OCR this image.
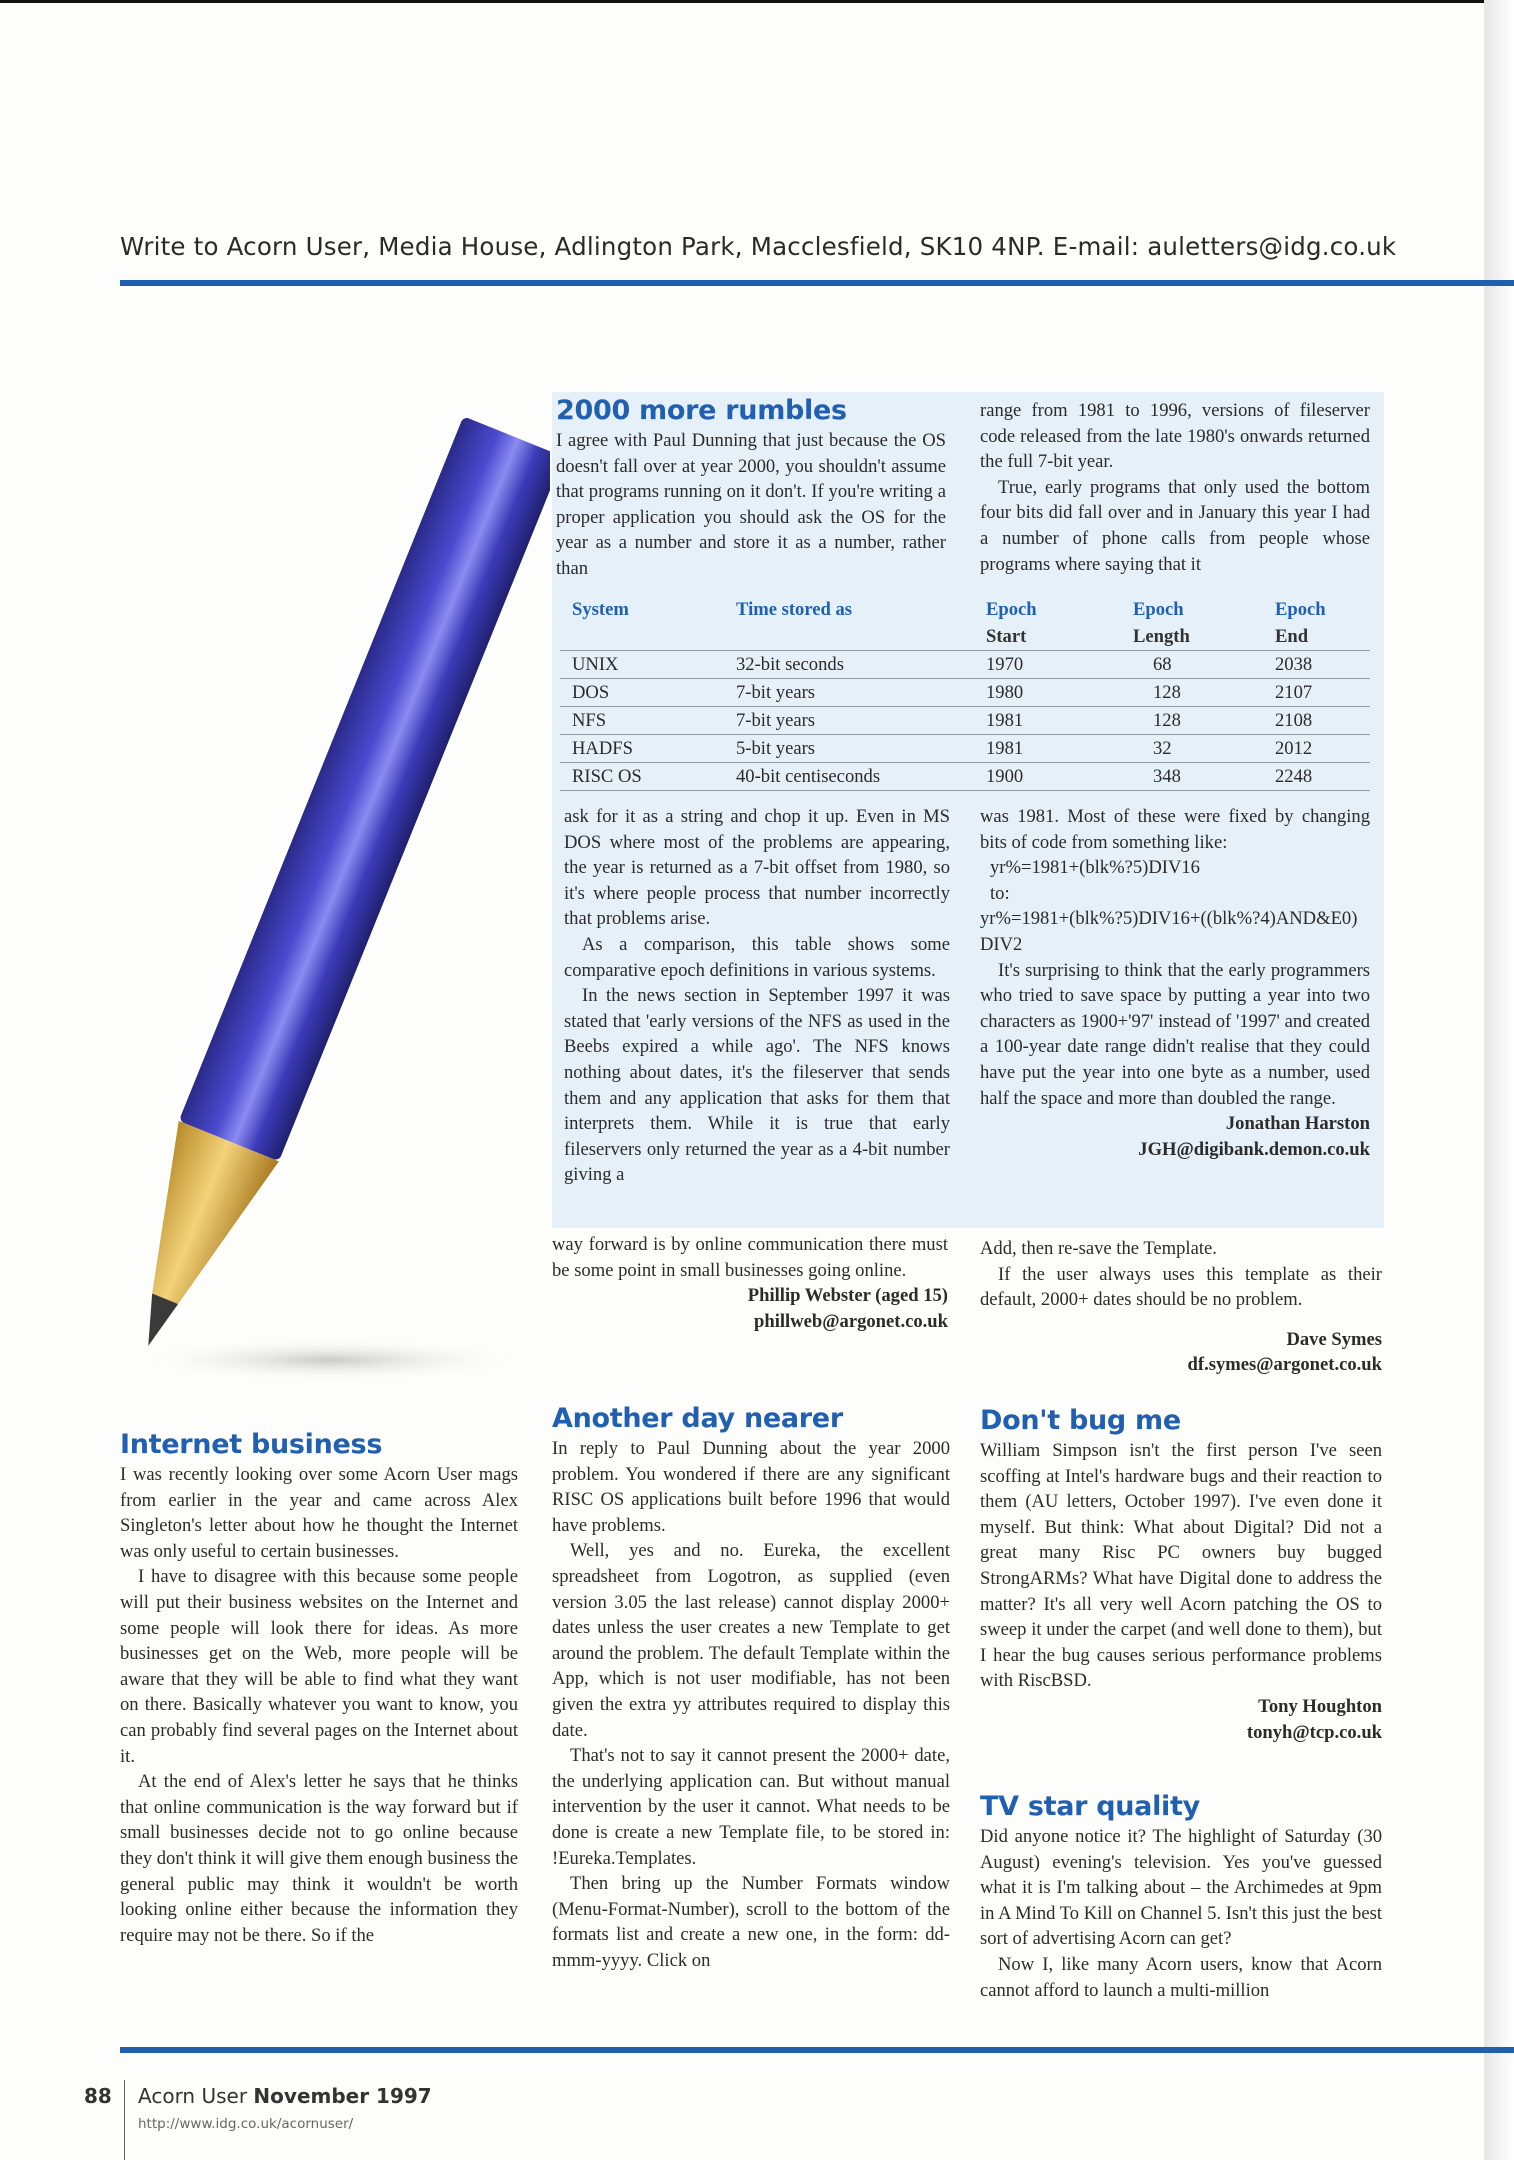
Write to Acorn User, Media House, Adlington Park, Macclesfield, SK10 4NP. E-mail: auletters@idg.co.uk
2000 more rumbles

I agree with Paul Dunning that just because the OS doesn't fall over at year 2000, you shouldn't assume that programs running on it don't. If you're writing a proper application you should ask the OS for the year as a number and store it as a number, rather than

range from 1981 to 1996, versions of fileserver code released from the late 1980's onwards returned the full 7-bit year.

True, early programs that only used the bottom four bits did fall over and in January this year I had a number of phone calls from people whose programs where saying that it

System	Time stored as	Epoch	Epoch	Epoch
		Start	Length	End
UNIX	32-bit seconds	1970	68	2038
DOS	7-bit years	1980	128	2107
NFS	7-bit years	1981	128	2108
HADFS	5-bit years	1981	32	2012
RISC OS	40-bit centiseconds	1900	348	2248

ask for it as a string and chop it up. Even in MS DOS where most of the problems are appearing, the year is returned as a 7-bit offset from 1980, so it's where people process that number incorrectly that problems arise.

As a comparison, this table shows some comparative epoch definitions in various systems.

In the news section in September 1997 it was stated that 'early versions of the NFS as used in the Beebs expired a while ago'. The NFS knows nothing about dates, it's the fileserver that sends them and any application that asks for them that interprets them. While it is true that early fileservers only returned the year as a 4-bit number giving a

was 1981. Most of these were fixed by changing bits of code from something like:

yr%=1981+(blk%?5)DIV16

to:

yr%=1981+(blk%?5)DIV16+((blk%?4)AND&E0)DIV2

It's surprising to think that the early programmers who tried to save space by putting a year into two characters as 1900+'97' instead of '1997' and created a 100-year date range didn't realise that they could have put the year into one byte as a number, used half the space and more than doubled the range.

Jonathan Harston

JGH@digibank.demon.co.uk

way forward is by online communication there must be some point in small businesses going online.

Phillip Webster (aged 15)

phillweb@argonet.co.uk

Add, then re-save the Template.

If the user always uses this template as their default, 2000+ dates should be no problem.

Dave Symes

df.symes@argonet.co.uk

Internet business

I was recently looking over some Acorn User mags from earlier in the year and came across Alex Singleton's letter about how he thought the Internet was only useful to certain businesses.

I have to disagree with this because some people will put their business websites on the Internet and some people will look there for ideas. As more businesses get on the Web, more people will be aware that they will be able to find what they want on there. Basically whatever you want to know, you can probably find several pages on the Internet about it.

At the end of Alex's letter he says that he thinks that online communication is the way forward but if small businesses decide not to go online because they don't think it will give them enough business the general public may think it wouldn't be worth looking online either because the information they require may not be there. So if the

Another day nearer

In reply to Paul Dunning about the year 2000 problem. You wondered if there are any significant RISC OS applications built before 1996 that would have problems.

Well, yes and no. Eureka, the excellent spreadsheet from Logotron, as supplied (even version 3.05 the last release) cannot display 2000+ dates unless the user creates a new Template to get around the problem. The default Template within the App, which is not user modifiable, has not been given the extra yy attributes required to display this date.

That's not to say it cannot present the 2000+ date, the underlying application can. But without manual intervention by the user it cannot. What needs to be done is create a new Template file, to be stored in: !Eureka.Templates.

Then bring up the Number Formats window (Menu-Format-Number), scroll to the bottom of the formats list and create a new one, in the form: dd-mmm-yyyy. Click on

Don't bug me

William Simpson isn't the first person I've seen scoffing at Intel's hardware bugs and their reaction to them (AU letters, October 1997). I've even done it myself. But think: What about Digital? Did not a great many Risc PC owners buy bugged StrongARMs? What have Digital done to address the matter? It's all very well Acorn patching the OS to sweep it under the carpet (and well done to them), but I hear the bug causes serious performance problems with RiscBSD.

Tony Houghton

tonyh@tcp.co.uk

TV star quality

Did anyone notice it? The highlight of Saturday (30 August) evening's television. Yes you've guessed what it is I'm talking about – the Archimedes at 9pm in A Mind To Kill on Channel 5. Isn't this just the best sort of advertising Acorn can get?

Now I, like many Acorn users, know that Acorn cannot afford to launch a multi-million

88 Acorn User November 1997
http://www.idg.co.uk/acornuser/
